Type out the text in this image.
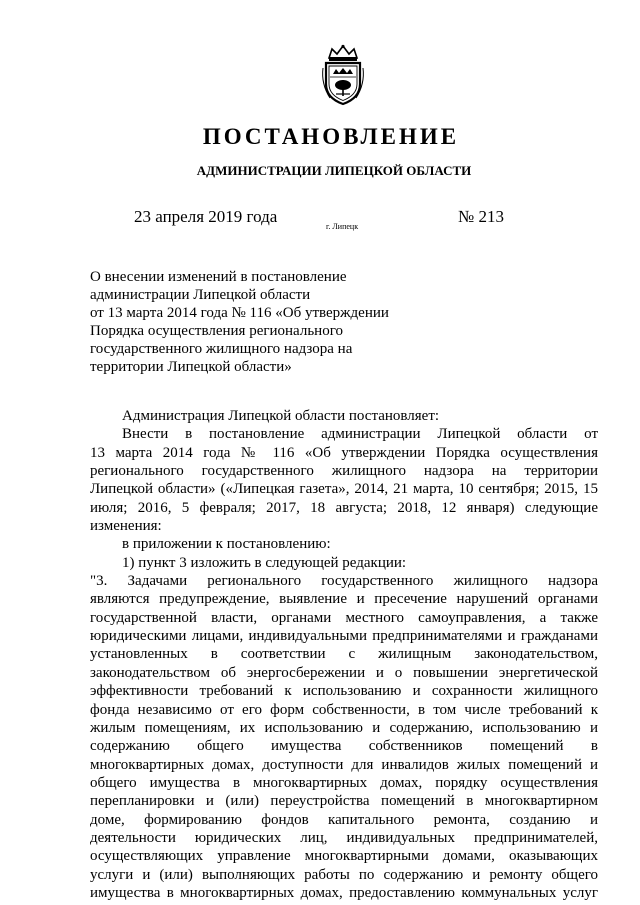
ПОСТАНОВЛЕНИЕ
АДМИНИСТРАЦИИ ЛИПЕЦКОЙ ОБЛАСТИ
23 апреля 2019 года
г. Липецк
№ 213
О внесении изменений в постановление
администрации Липецкой области
от 13 марта 2014 года № 116 «Об утверждении
Порядка осуществления регионального
государственного жилищного надзора на
территории Липецкой области»
Администрация Липецкой области постановляет:
Внести в постановление администрации Липецкой области от
13 марта 2014 года № 116 «Об утверждении Порядка осуществления
регионального государственного жилищного надзора на территории
Липецкой области» («Липецкая газета», 2014, 21 марта, 10 сентября; 2015, 15
июля; 2016, 5 февраля; 2017, 18 августа; 2018, 12 января) следующие
изменения:
в приложении к постановлению:
1) пункт 3 изложить в следующей редакции:
"3. Задачами регионального государственного жилищного надзора
являются предупреждение, выявление и пресечение нарушений органами
государственной власти, органами местного самоуправления, а также
юридическими лицами, индивидуальными предпринимателями и гражданами
установленных в соответствии с жилищным законодательством,
законодательством об энергосбережении и о повышении энергетической
эффективности требований к использованию и сохранности жилищного
фонда независимо от его форм собственности, в том числе требований к
жилым помещениям, их использованию и содержанию, использованию и
содержанию общего имущества собственников помещений в
многоквартирных домах, доступности для инвалидов жилых помещений и
общего имущества в многоквартирных домах, порядку осуществления
перепланировки и (или) переустройства помещений в многоквартирном
доме, формированию фондов капитального ремонта, созданию и
деятельности юридических лиц, индивидуальных предпринимателей,
осуществляющих управление многоквартирными домами, оказывающих
услуги и (или) выполняющих работы по содержанию и ремонту общего
имущества в многоквартирных домах, предоставлению коммунальных услуг
